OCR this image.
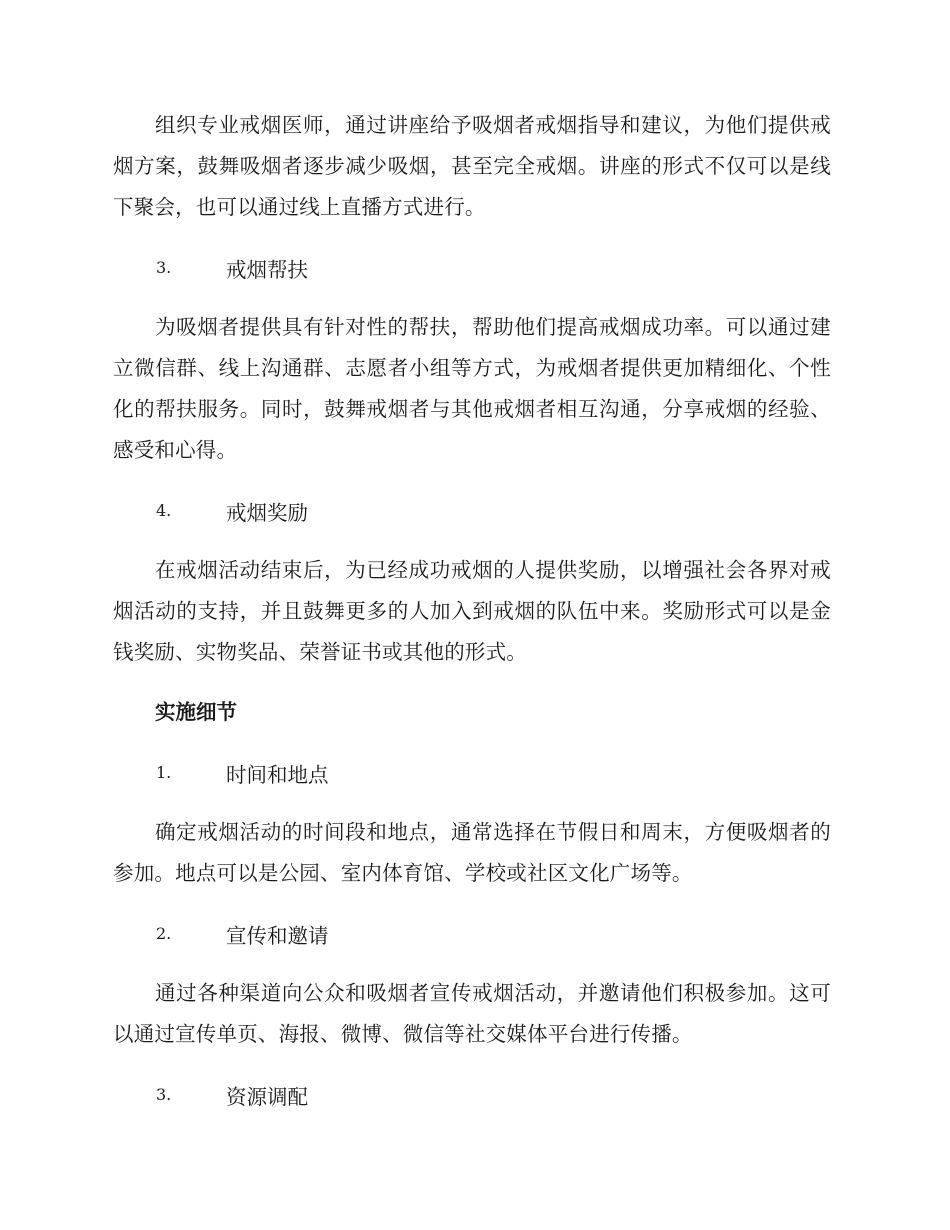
组织专业戒烟医师，通过讲座给予吸烟者戒烟指导和建议，为他们提供戒烟方案，鼓舞吸烟者逐步减少吸烟，甚至完全戒烟。讲座的形式不仅可以是线下聚会，也可以通过线上直播方式进行。

3.	戒烟帮扶

为吸烟者提供具有针对性的帮扶，帮助他们提高戒烟成功率。可以通过建立微信群、线上沟通群、志愿者小组等方式，为戒烟者提供更加精细化、个性化的帮扶服务。同时，鼓舞戒烟者与其他戒烟者相互沟通，分享戒烟的经验、感受和心得。

4.	戒烟奖励

在戒烟活动结束后，为已经成功戒烟的人提供奖励，以增强社会各界对戒烟活动的支持，并且鼓舞更多的人加入到戒烟的队伍中来。奖励形式可以是金钱奖励、实物奖品、荣誉证书或其他的形式。

实施细节
1.	时间和地点

确定戒烟活动的时间段和地点，通常选择在节假日和周末，方便吸烟者的参加。地点可以是公园、室内体育馆、学校或社区文化广场等。

2.	宣传和邀请

通过各种渠道向公众和吸烟者宣传戒烟活动，并邀请他们积极参加。这可以通过宣传单页、海报、微博、微信等社交媒体平台进行传播。

3.	资源调配
